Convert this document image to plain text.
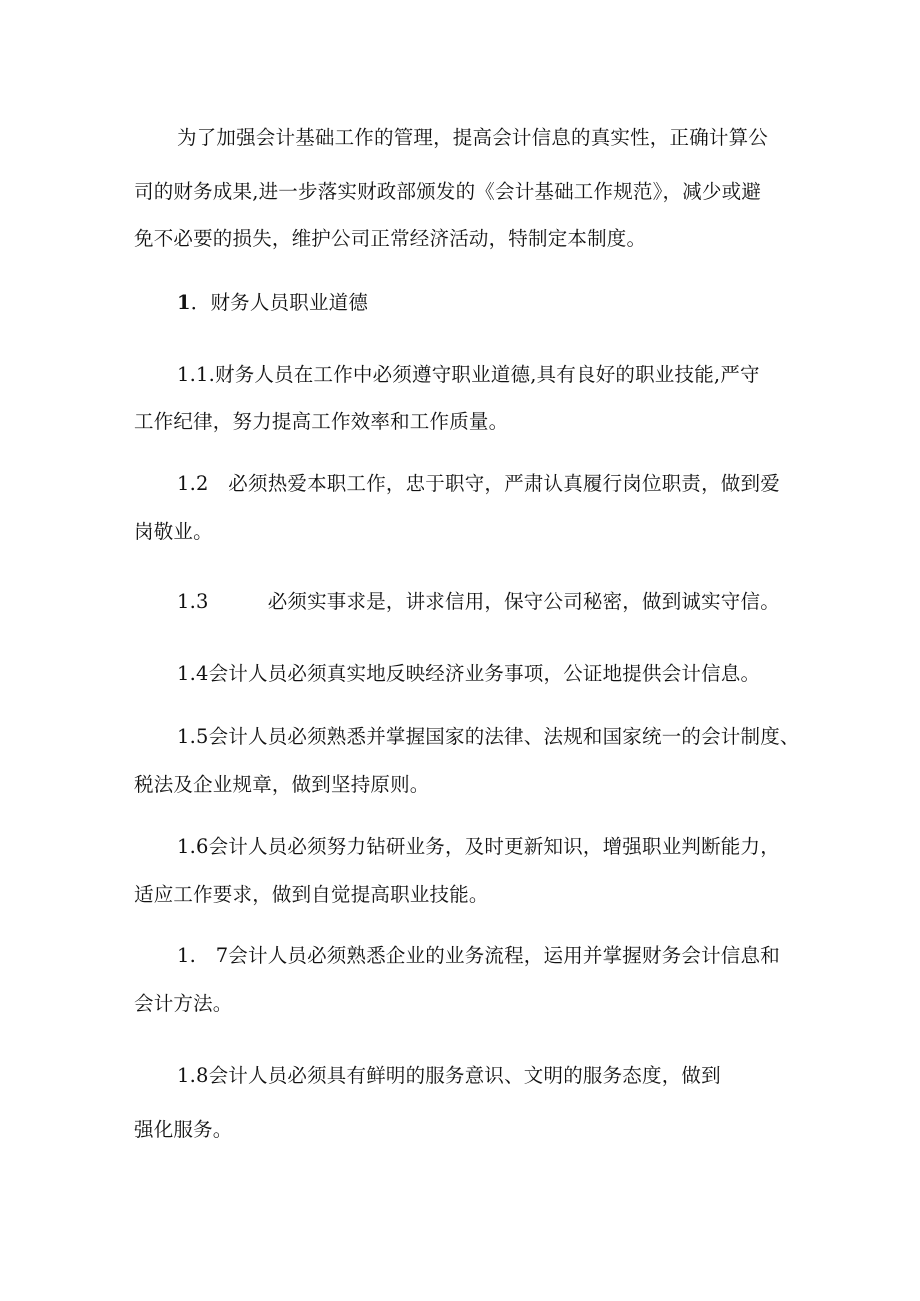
为了加强会计基础工作的管理，提高会计信息的真实性，正确计算公
司的财务成果,进一步落实财政部颁发的《会计基础工作规范》，减少或避
免不必要的损失，维护公司正常经济活动，特制定本制度。
1．财务人员职业道德
1.1.财务人员在工作中必须遵守职业道德,具有良好的职业技能,严守
工作纪律，努力提高工作效率和工作质量。
1.2　必须热爱本职工作，忠于职守，严肃认真履行岗位职责，做到爱
岗敬业。
1.3　　　必须实事求是，讲求信用，保守公司秘密，做到诚实守信。
1.4会计人员必须真实地反映经济业务事项，公证地提供会计信息。
1.5会计人员必须熟悉并掌握国家的法律、法规和国家统一的会计制度、
税法及企业规章，做到坚持原则。
1.6会计人员必须努力钻研业务，及时更新知识，增强职业判断能力，
适应工作要求，做到自觉提高职业技能。
1.　7会计人员必须熟悉企业的业务流程，运用并掌握财务会计信息和
会计方法。
1.8会计人员必须具有鲜明的服务意识、文明的服务态度，做到
强化服务。
